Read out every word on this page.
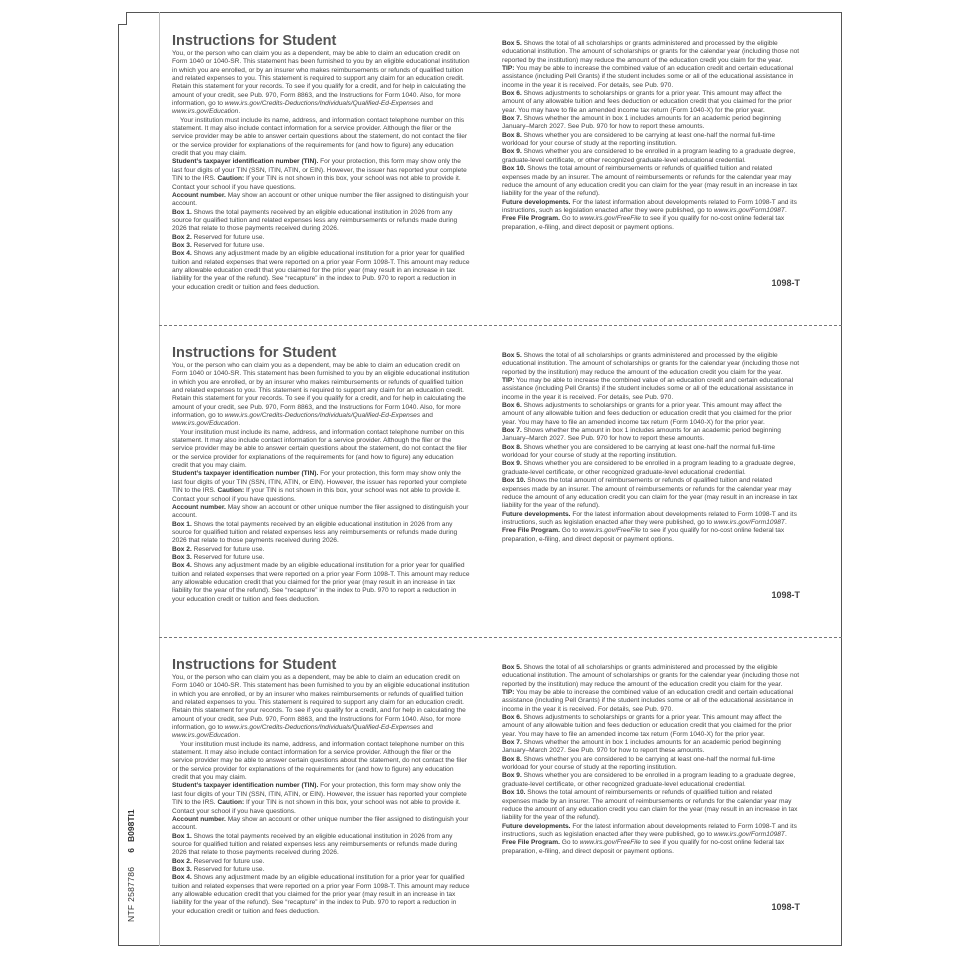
NTF 25877866B098TI1

Instructions for Student

You, or the person who can claim you as a dependent, may be able to claim an education credit on Form 1040 or 1040-SR. This statement has been furnished to you by an eligible educational institution in which you are enrolled, or by an insurer who makes reimbursements or refunds of qualified tuition and related expenses to you. This statement is required to support any claim for an education credit. Retain this statement for your records. To see if you qualify for a credit, and for help in calculating the amount of your credit, see Pub. 970, Form 8863, and the Instructions for Form 1040. Also, for more information, go to www.irs.gov/Credits-Deductions/Individuals/Qualified-Ed-Expenses and www.irs.gov/Education.

Your institution must include its name, address, and information contact telephone number on this statement. It may also include contact information for a service provider. Although the filer or the service provider may be able to answer certain questions about the statement, do not contact the filer or the service provider for explanations of the requirements for (and how to figure) any education credit that you may claim.

Student’s taxpayer identification number (TIN). For your protection, this form may show only the last four digits of your TIN (SSN, ITIN, ATIN, or EIN). However, the issuer has reported your complete TIN to the IRS. Caution: If your TIN is not shown in this box, your school was not able to provide it. Contact your school if you have questions.

Account number. May show an account or other unique number the filer assigned to distinguish your account.

Box 1. Shows the total payments received by an eligible educational institution in 2026 from any source for qualified tuition and related expenses less any reimbursements or refunds made during 2026 that relate to those payments received during 2026.

Box 2. Reserved for future use.

Box 3. Reserved for future use.

Box 4. Shows any adjustment made by an eligible educational institution for a prior year for qualified tuition and related expenses that were reported on a prior year Form 1098-T. This amount may reduce any allowable education credit that you claimed for the prior year (may result in an increase in tax liability for the year of the refund). See “recapture” in the index to Pub. 970 to report a reduction in your education credit or tuition and fees deduction.

Box 5. Shows the total of all scholarships or grants administered and processed by the eligible educational institution. The amount of scholarships or grants for the calendar year (including those not reported by the institution) may reduce the amount of the education credit you claim for the year.

TIP: You may be able to increase the combined value of an education credit and certain educational assistance (including Pell Grants) if the student includes some or all of the educational assistance in income in the year it is received. For details, see Pub. 970.

Box 6. Shows adjustments to scholarships or grants for a prior year. This amount may affect the amount of any allowable tuition and fees deduction or education credit that you claimed for the prior year. You may have to file an amended income tax return (Form 1040-X) for the prior year.

Box 7. Shows whether the amount in box 1 includes amounts for an academic period beginning January–March 2027. See Pub. 970 for how to report these amounts.

Box 8. Shows whether you are considered to be carrying at least one-half the normal full-time workload for your course of study at the reporting institution.

Box 9. Shows whether you are considered to be enrolled in a program leading to a graduate degree, graduate-level certificate, or other recognized graduate-level educational credential.

Box 10. Shows the total amount of reimbursements or refunds of qualified tuition and related expenses made by an insurer. The amount of reimbursements or refunds for the calendar year may reduce the amount of any education credit you can claim for the year (may result in an increase in tax liability for the year of the refund).

Future developments. For the latest information about developments related to Form 1098-T and its instructions, such as legislation enacted after they were published, go to www.irs.gov/Form1098T.

Free File Program. Go to www.irs.gov/FreeFile to see if you qualify for no-cost online federal tax preparation, e-filing, and direct deposit or payment options.

1098-T

Instructions for Student

You, or the person who can claim you as a dependent, may be able to claim an education credit on Form 1040 or 1040-SR. This statement has been furnished to you by an eligible educational institution in which you are enrolled, or by an insurer who makes reimbursements or refunds of qualified tuition and related expenses to you. This statement is required to support any claim for an education credit. Retain this statement for your records. To see if you qualify for a credit, and for help in calculating the amount of your credit, see Pub. 970, Form 8863, and the Instructions for Form 1040. Also, for more information, go to www.irs.gov/Credits-Deductions/Individuals/Qualified-Ed-Expenses and www.irs.gov/Education.

Your institution must include its name, address, and information contact telephone number on this statement. It may also include contact information for a service provider. Although the filer or the service provider may be able to answer certain questions about the statement, do not contact the filer or the service provider for explanations of the requirements for (and how to figure) any education credit that you may claim.

Student’s taxpayer identification number (TIN). For your protection, this form may show only the last four digits of your TIN (SSN, ITIN, ATIN, or EIN). However, the issuer has reported your complete TIN to the IRS. Caution: If your TIN is not shown in this box, your school was not able to provide it. Contact your school if you have questions.

Account number. May show an account or other unique number the filer assigned to distinguish your account.

Box 1. Shows the total payments received by an eligible educational institution in 2026 from any source for qualified tuition and related expenses less any reimbursements or refunds made during 2026 that relate to those payments received during 2026.

Box 2. Reserved for future use.

Box 3. Reserved for future use.

Box 4. Shows any adjustment made by an eligible educational institution for a prior year for qualified tuition and related expenses that were reported on a prior year Form 1098-T. This amount may reduce any allowable education credit that you claimed for the prior year (may result in an increase in tax liability for the year of the refund). See “recapture” in the index to Pub. 970 to report a reduction in your education credit or tuition and fees deduction.

Box 5. Shows the total of all scholarships or grants administered and processed by the eligible educational institution. The amount of scholarships or grants for the calendar year (including those not reported by the institution) may reduce the amount of the education credit you claim for the year.

TIP: You may be able to increase the combined value of an education credit and certain educational assistance (including Pell Grants) if the student includes some or all of the educational assistance in income in the year it is received. For details, see Pub. 970.

Box 6. Shows adjustments to scholarships or grants for a prior year. This amount may affect the amount of any allowable tuition and fees deduction or education credit that you claimed for the prior year. You may have to file an amended income tax return (Form 1040-X) for the prior year.

Box 7. Shows whether the amount in box 1 includes amounts for an academic period beginning January–March 2027. See Pub. 970 for how to report these amounts.

Box 8. Shows whether you are considered to be carrying at least one-half the normal full-time workload for your course of study at the reporting institution.

Box 9. Shows whether you are considered to be enrolled in a program leading to a graduate degree, graduate-level certificate, or other recognized graduate-level educational credential.

Box 10. Shows the total amount of reimbursements or refunds of qualified tuition and related expenses made by an insurer. The amount of reimbursements or refunds for the calendar year may reduce the amount of any education credit you can claim for the year (may result in an increase in tax liability for the year of the refund).

Future developments. For the latest information about developments related to Form 1098-T and its instructions, such as legislation enacted after they were published, go to www.irs.gov/Form1098T.

Free File Program. Go to www.irs.gov/FreeFile to see if you qualify for no-cost online federal tax preparation, e-filing, and direct deposit or payment options.

1098-T

Instructions for Student

You, or the person who can claim you as a dependent, may be able to claim an education credit on Form 1040 or 1040-SR. This statement has been furnished to you by an eligible educational institution in which you are enrolled, or by an insurer who makes reimbursements or refunds of qualified tuition and related expenses to you. This statement is required to support any claim for an education credit. Retain this statement for your records. To see if you qualify for a credit, and for help in calculating the amount of your credit, see Pub. 970, Form 8863, and the Instructions for Form 1040. Also, for more information, go to www.irs.gov/Credits-Deductions/Individuals/Qualified-Ed-Expenses and www.irs.gov/Education.

Your institution must include its name, address, and information contact telephone number on this statement. It may also include contact information for a service provider. Although the filer or the service provider may be able to answer certain questions about the statement, do not contact the filer or the service provider for explanations of the requirements for (and how to figure) any education credit that you may claim.

Student’s taxpayer identification number (TIN). For your protection, this form may show only the last four digits of your TIN (SSN, ITIN, ATIN, or EIN). However, the issuer has reported your complete TIN to the IRS. Caution: If your TIN is not shown in this box, your school was not able to provide it. Contact your school if you have questions.

Account number. May show an account or other unique number the filer assigned to distinguish your account.

Box 1. Shows the total payments received by an eligible educational institution in 2026 from any source for qualified tuition and related expenses less any reimbursements or refunds made during 2026 that relate to those payments received during 2026.

Box 2. Reserved for future use.

Box 3. Reserved for future use.

Box 4. Shows any adjustment made by an eligible educational institution for a prior year for qualified tuition and related expenses that were reported on a prior year Form 1098-T. This amount may reduce any allowable education credit that you claimed for the prior year (may result in an increase in tax liability for the year of the refund). See “recapture” in the index to Pub. 970 to report a reduction in your education credit or tuition and fees deduction.

Box 5. Shows the total of all scholarships or grants administered and processed by the eligible educational institution. The amount of scholarships or grants for the calendar year (including those not reported by the institution) may reduce the amount of the education credit you claim for the year.

TIP: You may be able to increase the combined value of an education credit and certain educational assistance (including Pell Grants) if the student includes some or all of the educational assistance in income in the year it is received. For details, see Pub. 970.

Box 6. Shows adjustments to scholarships or grants for a prior year. This amount may affect the amount of any allowable tuition and fees deduction or education credit that you claimed for the prior year. You may have to file an amended income tax return (Form 1040-X) for the prior year.

Box 7. Shows whether the amount in box 1 includes amounts for an academic period beginning January–March 2027. See Pub. 970 for how to report these amounts.

Box 8. Shows whether you are considered to be carrying at least one-half the normal full-time workload for your course of study at the reporting institution.

Box 9. Shows whether you are considered to be enrolled in a program leading to a graduate degree, graduate-level certificate, or other recognized graduate-level educational credential.

Box 10. Shows the total amount of reimbursements or refunds of qualified tuition and related expenses made by an insurer. The amount of reimbursements or refunds for the calendar year may reduce the amount of any education credit you can claim for the year (may result in an increase in tax liability for the year of the refund).

Future developments. For the latest information about developments related to Form 1098-T and its instructions, such as legislation enacted after they were published, go to www.irs.gov/Form1098T.

Free File Program. Go to www.irs.gov/FreeFile to see if you qualify for no-cost online federal tax preparation, e-filing, and direct deposit or payment options.

1098-T
